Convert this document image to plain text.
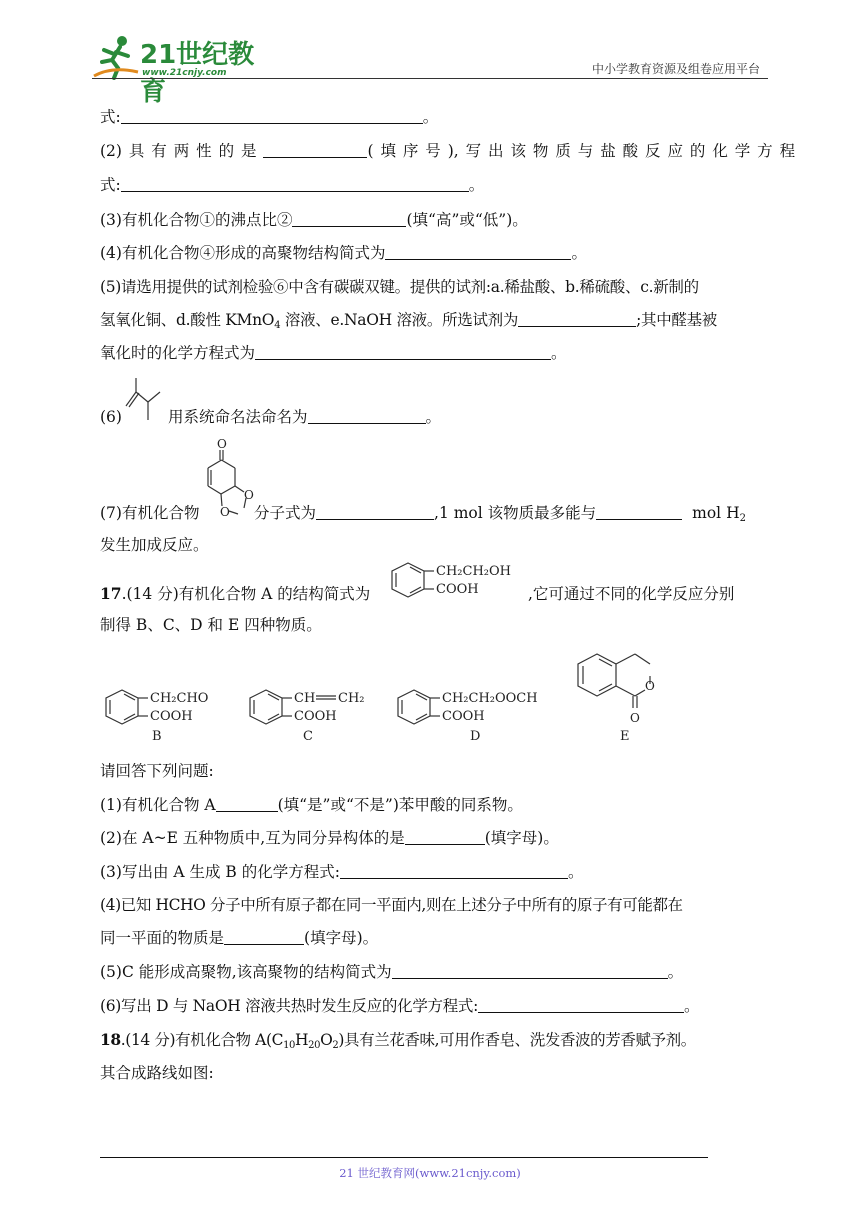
21世纪教育
www.21cnjy.com	中小学教育资源及组卷应用平台
式:	。
(2) 具 有 两 性 的 是	( 填 序 号 ), 写 出 该 物 质 与 盐 酸 反 应 的 化 学 方 程
式:	。
(3)有机化合物①的沸点比②	(填“高”或“低”)。
(4)有机化合物④形成的高聚物结构简式为	。
(5)请选用提供的试剂检验⑥中含有碳碳双键。提供的试剂:a.稀盐酸、b.稀硫酸、c.新制的
氢氧化铜、d.酸性 KMnO$_4$ 溶液、e.NaOH 溶液。所选试剂为	;其中醛基被
氧化时的化学方程式为	。
(6)	用系统命名法命名为	。
O
O
O
(7)有机化合物	分子式为	,1 mol 该物质最多能与	mol $H_2$
发生加成反应。
17.(14 分)有机化合物 A 的结构简式为
CH₂CH₂OH
COOH	,它可通过不同的化学反应分别
制得 B、C、D 和 E 四种物质。
CH₂CHO
COOH
B
CH CH₂
COOH
C
CH₂CH₂OOCH
COOH
D
O
O
E
请回答下列问题:
(1)有机化合物 A	(填“是”或“不是”)苯甲酸的同系物。
(2)在 A~E 五种物质中,互为同分异构体的是	(填字母)。
(3)写出由 A 生成 B 的化学方程式:	。
(4)已知 HCHO 分子中所有原子都在同一平面内,则在上述分子中所有的原子有可能都在
同一平面的物质是	(填字母)。
(5)C 能形成高聚物,该高聚物的结构简式为	。
(6)写出 D 与 NaOH 溶液共热时发生反应的化学方程式:	。
18.(14 分)有机化合物 $A(C_{10}H_{20}O_2)$具有兰花香味,可用作香皂、洗发香波的芳香赋予剂。
其合成路线如图:
21 世纪教育网(www.21cnjy.com)
